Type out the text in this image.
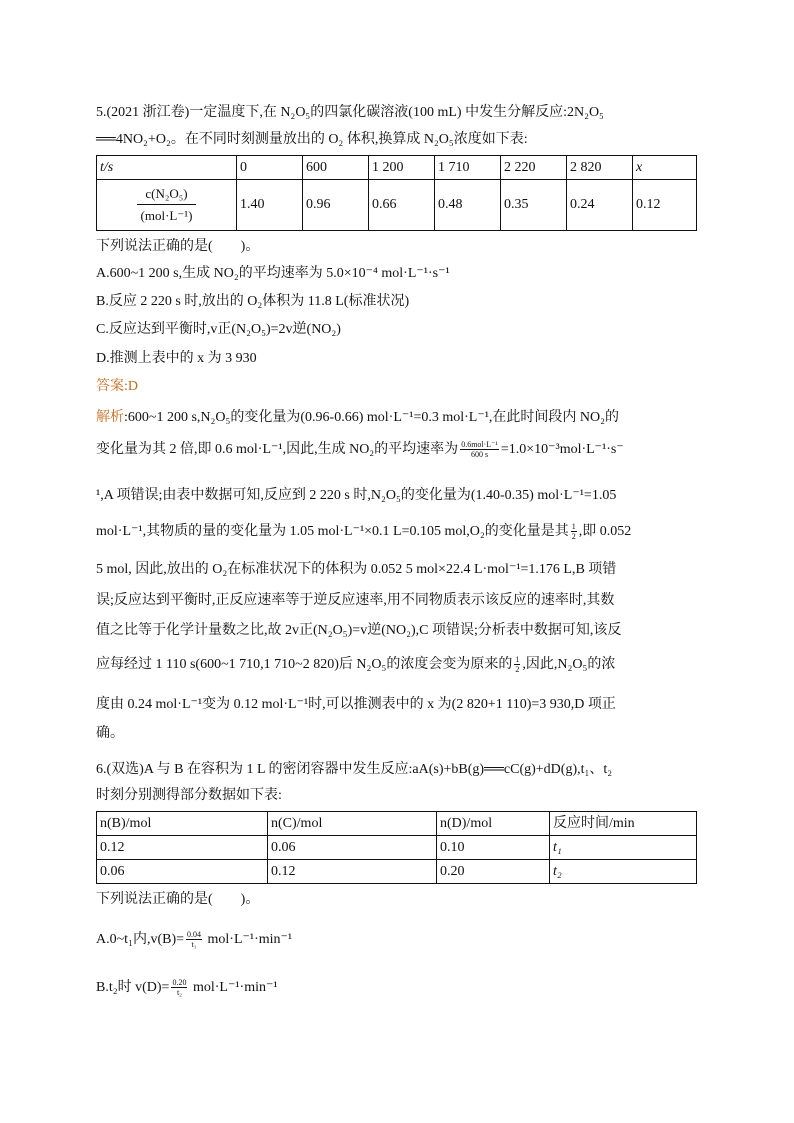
5.(2021 浙江卷)一定温度下,在 N₂O₅的四氯化碳溶液(100 mL) 中发生分解反应:2N₂O₅
══4NO₂+O₂。在不同时刻测量放出的 O₂ 体积,换算成 N₂O₅浓度如下表:
t/s	0	600	1 200	1 710	2 220	2 820	x

$\frac{\text{c(N₂O₅)}}{\text{(mol·L⁻¹)}}$	1.40	0.96	0.66	0.48	0.35	0.24	0.12
下列说法正确的是(　　)。
A.600~1 200 s,生成 NO₂的平均速率为 5.0×10⁻⁴ mol·L⁻¹·s⁻¹
B.反应 2 220 s 时,放出的 O₂体积为 11.8 L(标准状况)
C.反应达到平衡时,v正(N₂O₅)=2v逆(NO₂)
D.推测上表中的 x 为 3 930
答案:D
解析:600~1 200 s,N₂O₅的变化量为(0.96-0.66) mol·L⁻¹=0.3 mol·L⁻¹,在此时间段内 NO₂的
变化量为其 2 倍,即 0.6 mol·L⁻¹,因此,生成 NO₂的平均速率为 $\frac{\text{0.6mol·L⁻¹}}{600 s} =1.0\times 10^{-3}mol\cdot L^{-1}\cdot s^-$
¹,A 项错误;由表中数据可知,反应到 2 220 s 时,N₂O₅的变化量为(1.40-0.35) mol·L⁻¹=1.05
mol·L⁻¹,其物质的量的变化量为 1.05 mol·L⁻¹×0.1 L=0.105 mol,O₂的变化量是其 $\frac{1}{2}$ ,即 0.052
5 mol, 因此,放出的 O₂在标准状况下的体积为 0.052 5 mol×22.4 L·mol⁻¹=1.176 L,B 项错
误;反应达到平衡时,正反应速率等于逆反应速率,用不同物质表示该反应的速率时,其数
值之比等于化学计量数之比,故 2v正(N₂O₅)=v逆(NO₂),C 项错误;分析表中数据可知,该反
应每经过 1 110 s(600~1 710,1 710~2 820)后 N₂O₅的浓度会变为原来的 $\frac{1}{2}$ ,因此,N₂O₅的浓
度由 0.24 mol·L⁻¹变为 0.12 mol·L⁻¹时,可以推测表中的 x 为(2 820+1 110)=3 930,D 项正
确。
6.(双选)A 与 B 在容积为 1 L 的密闭容器中发生反应:aA(s)+bB(g)══cC(g)+dD(g),t₁、t₂
时刻分别测得部分数据如下表:
n(B)/mol	n(C)/mol	n(D)/mol	反应时间/min
0.12	0.06	0.10	t₁
0.06	0.12	0.20	t₂
下列说法正确的是(　　)。
A.0~t₁内$,v(B)= \frac{0.04}{\text{t₁}} mol\cdot L^{-1}\cdot\min^{-1}$
B.t₂时 $v(D)= \frac{0.20}{\text{t₂}} mol\cdot L^{-1}\cdot\min^{-1}$
